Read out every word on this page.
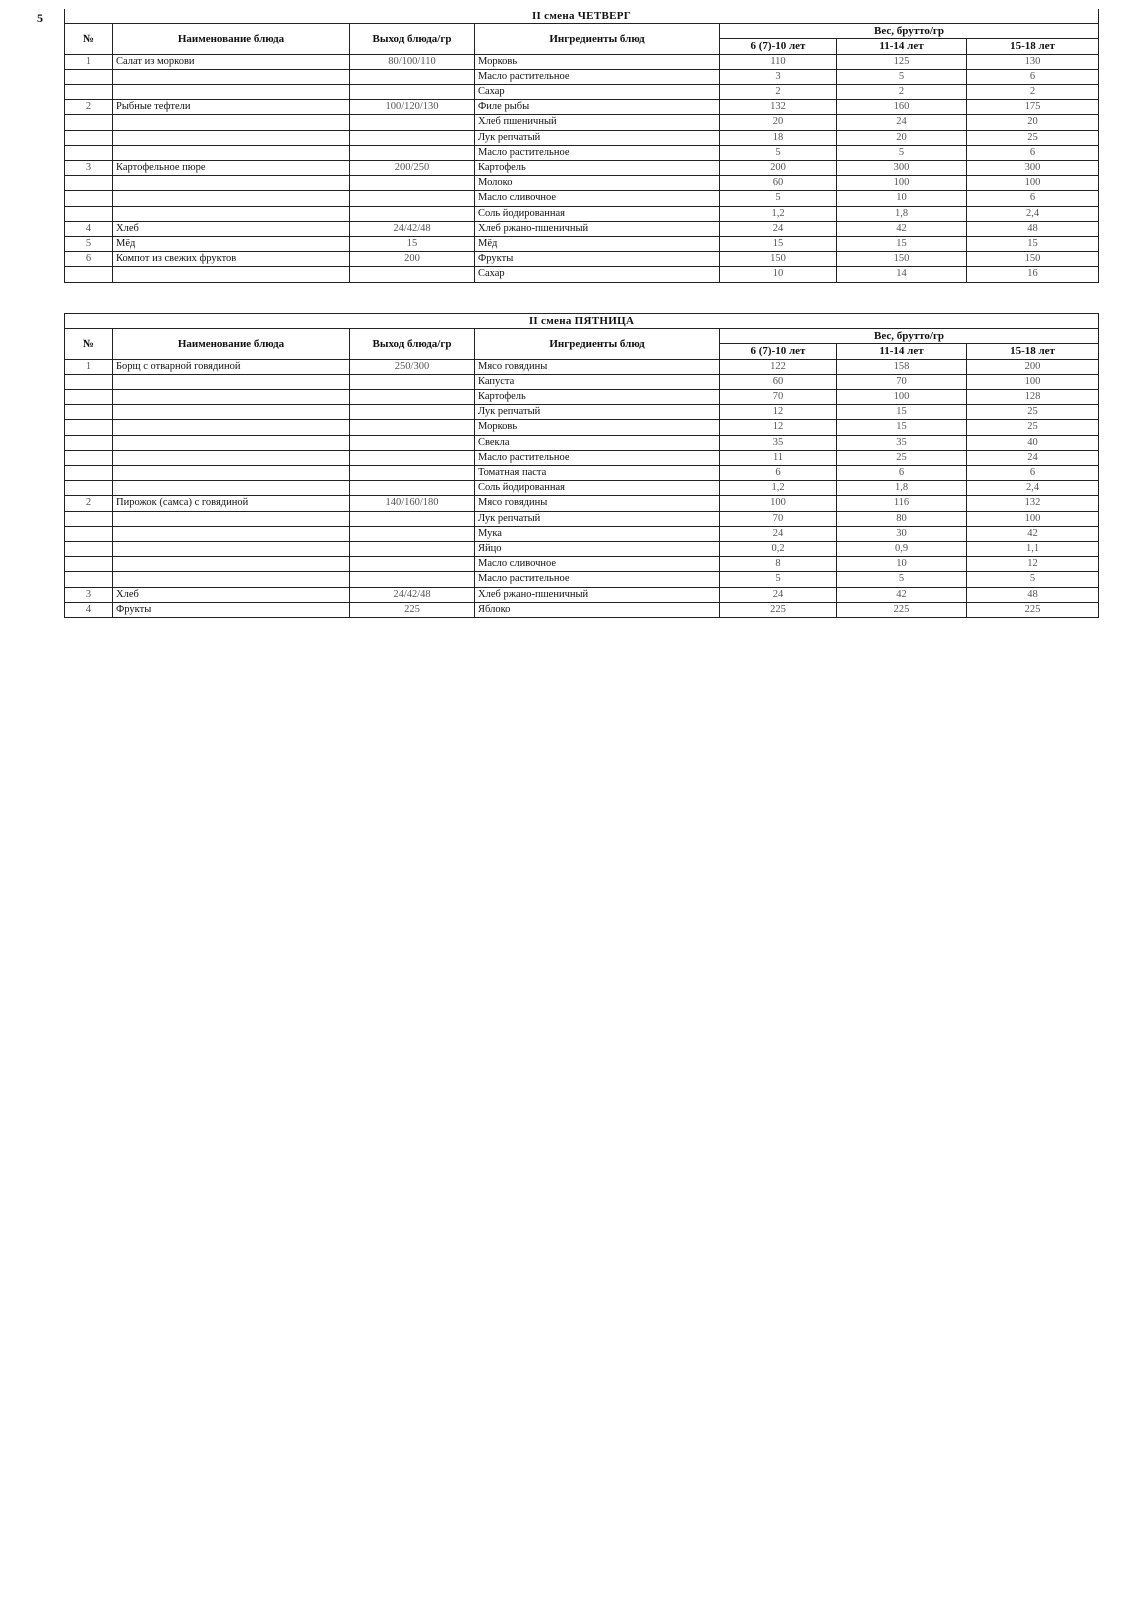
5	II смена ЧЕТВЕРГ						
№	Наименование блюда	Выход блюда/гр	Ингредиенты блюд	Вес, брутто/гр		
				6 (7)-10 лет	11-14 лет	15-18 лет
1	Салат из моркови	80/100/110	Морковь	110	125	130
			Масло растительное	3	5	6
			Сахар	2	2	2
2	Рыбные тефтели	100/120/130	Филе рыбы	132	160	175
			Хлеб пшеничный	20	24	20
			Лук репчатый	18	20	25
			Масло растительное	5	5	6
3	Картофельное пюре	200/250	Картофель	200	300	300
			Молоко	60	100	100
			Масло сливочное	5	10	6
			Соль йодированная	1,2	1,8	2,4
4	Хлеб	24/42/48	Хлеб ржано-пшеничный	24	42	48
5	Мёд	15	Мёд	15	15	15
6	Компот из свежих фруктов	200	Фрукты	150	150	150
			Сахар	10	14	16
II смена ПЯТНИЦА						
№	Наименование блюда	Выход блюда/гр	Ингредиенты блюд	Вес, брутто/гр		
				6 (7)-10 лет	11-14 лет	15-18 лет
1	Борщ с отварной говядиной	250/300	Мясо говядины	122	158	200
			Капуста	60	70	100
			Картофель	70	100	128
			Лук репчатый	12	15	25
			Морковь	12	15	25
			Свекла	35	35	40
			Масло растительное	11	25	24
			Томатная паста	6	6	6
			Соль йодированная	1,2	1,8	2,4
2	Пирожок (самса) с говядиной	140/160/180	Мясо говядины	100	116	132
			Лук репчатый	70	80	100
			Мука	24	30	42
			Яйцо	0,2	0,9	1,1
			Масло сливочное	8	10	12
			Масло растительное	5	5	5
3	Хлеб	24/42/48	Хлеб ржано-пшеничный	24	42	48
4	Фрукты	225	Яблоко	225	225	225
